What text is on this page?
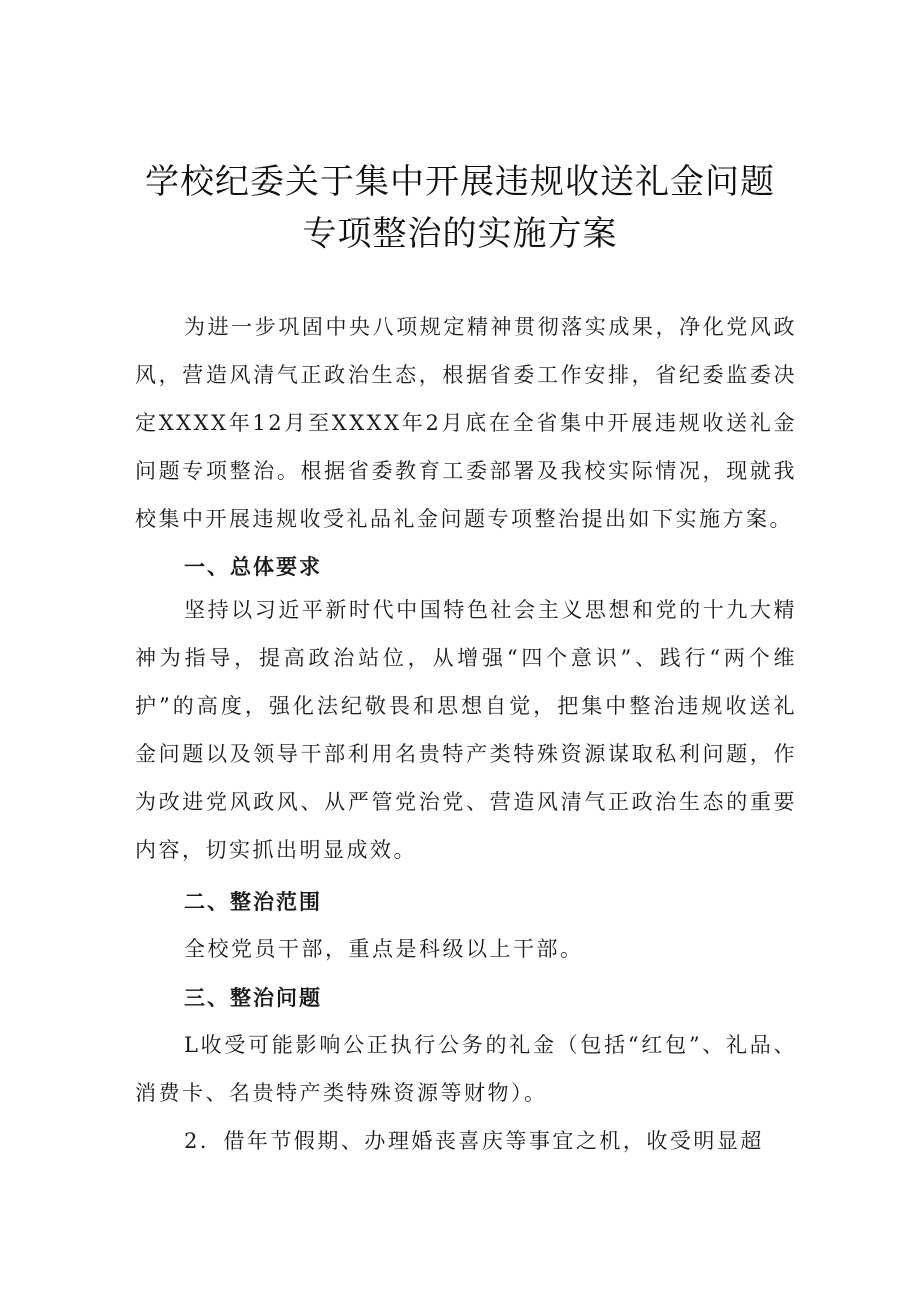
学校纪委关于集中开展违规收送礼金问题
专项整治的实施方案

为进一步巩固中央八项规定精神贯彻落实成果，净化党风政风，营造风清气正政治生态，根据省委工作安排，省纪委监委决定XXXX年12月至XXXX年2月底在全省集中开展违规收送礼金问题专项整治。根据省委教育工委部署及我校实际情况，现就我校集中开展违规收受礼品礼金问题专项整治提出如下实施方案。

一、总体要求

坚持以习近平新时代中国特色社会主义思想和党的十九大精神为指导，提高政治站位，从增强“四个意识”、践行“两个维护”的高度，强化法纪敬畏和思想自觉，把集中整治违规收送礼金问题以及领导干部利用名贵特产类特殊资源谋取私利问题，作为改进党风政风、从严管党治党、营造风清气正政治生态的重要内容，切实抓出明显成效。

二、整治范围

全校党员干部，重点是科级以上干部。

三、整治问题

L收受可能影响公正执行公务的礼金（包括“红包”、礼品、消费卡、名贵特产类特殊资源等财物）。

2．借年节假期、办理婚丧喜庆等事宜之机，收受明显超
